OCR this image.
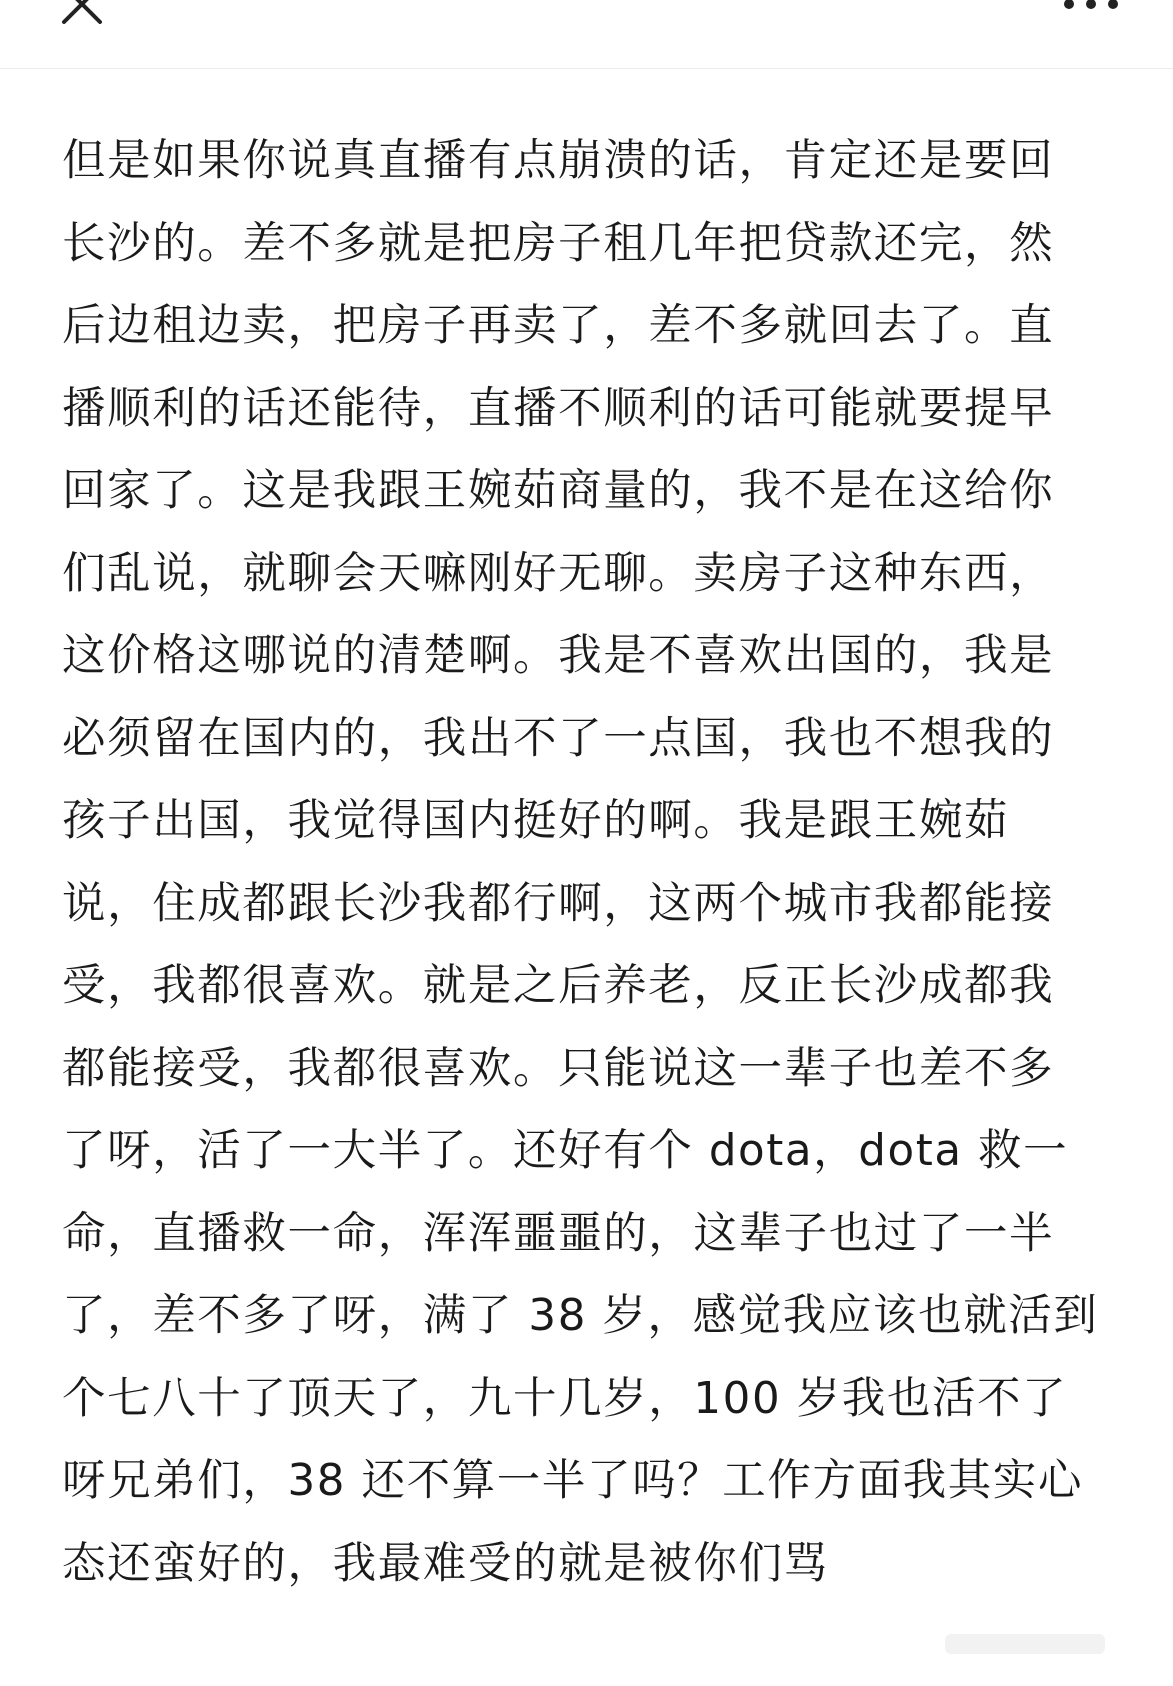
但是如果你说真直播有点崩溃的话，肯定还是要回
长沙的。差不多就是把房子租几年把贷款还完，然
后边租边卖，把房子再卖了，差不多就回去了。直
播顺利的话还能待，直播不顺利的话可能就要提早
回家了。这是我跟王婉茹商量的，我不是在这给你
们乱说，就聊会天嘛刚好无聊。卖房子这种东西，
这价格这哪说的清楚啊。我是不喜欢出国的，我是
必须留在国内的，我出不了一点国，我也不想我的
孩子出国，我觉得国内挺好的啊。我是跟王婉茹
说，住成都跟长沙我都行啊，这两个城市我都能接
受，我都很喜欢。就是之后养老，反正长沙成都我
都能接受，我都很喜欢。只能说这一辈子也差不多
了呀，活了一大半了。还好有个 dota，dota 救一
命，直播救一命，浑浑噩噩的，这辈子也过了一半
了，差不多了呀，满了 38 岁，感觉我应该也就活到
个七八十了顶天了，九十几岁，100 岁我也活不了
呀兄弟们，38 还不算一半了吗？工作方面我其实心
态还蛮好的，我最难受的就是被你们骂
